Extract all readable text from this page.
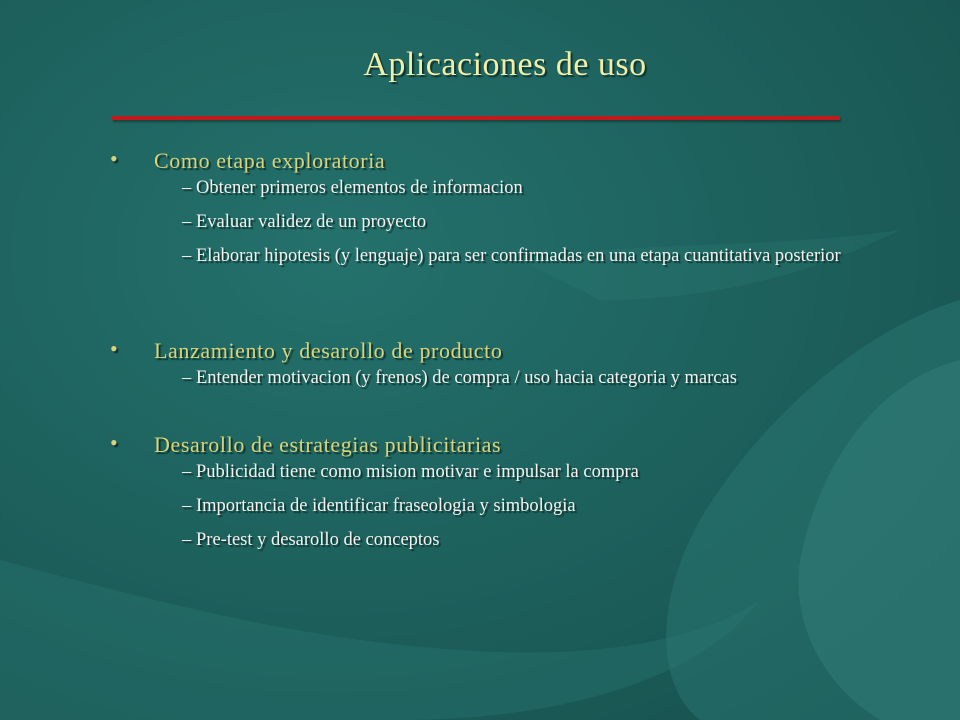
Aplicaciones de uso
• Como etapa exploratoria
– Obtener primeros elementos de informacion
– Evaluar validez de un proyecto
– Elaborar hipotesis (y lenguaje) para ser confirmadas en una etapa cuantitativa posterior
• Lanzamiento y desarollo de producto
– Entender motivacion (y frenos) de compra / uso hacia categoria y marcas
• Desarollo de estrategias publicitarias
– Publicidad tiene como mision motivar e impulsar la compra
– Importancia de identificar fraseologia y simbologia
– Pre-test y desarollo de conceptos
